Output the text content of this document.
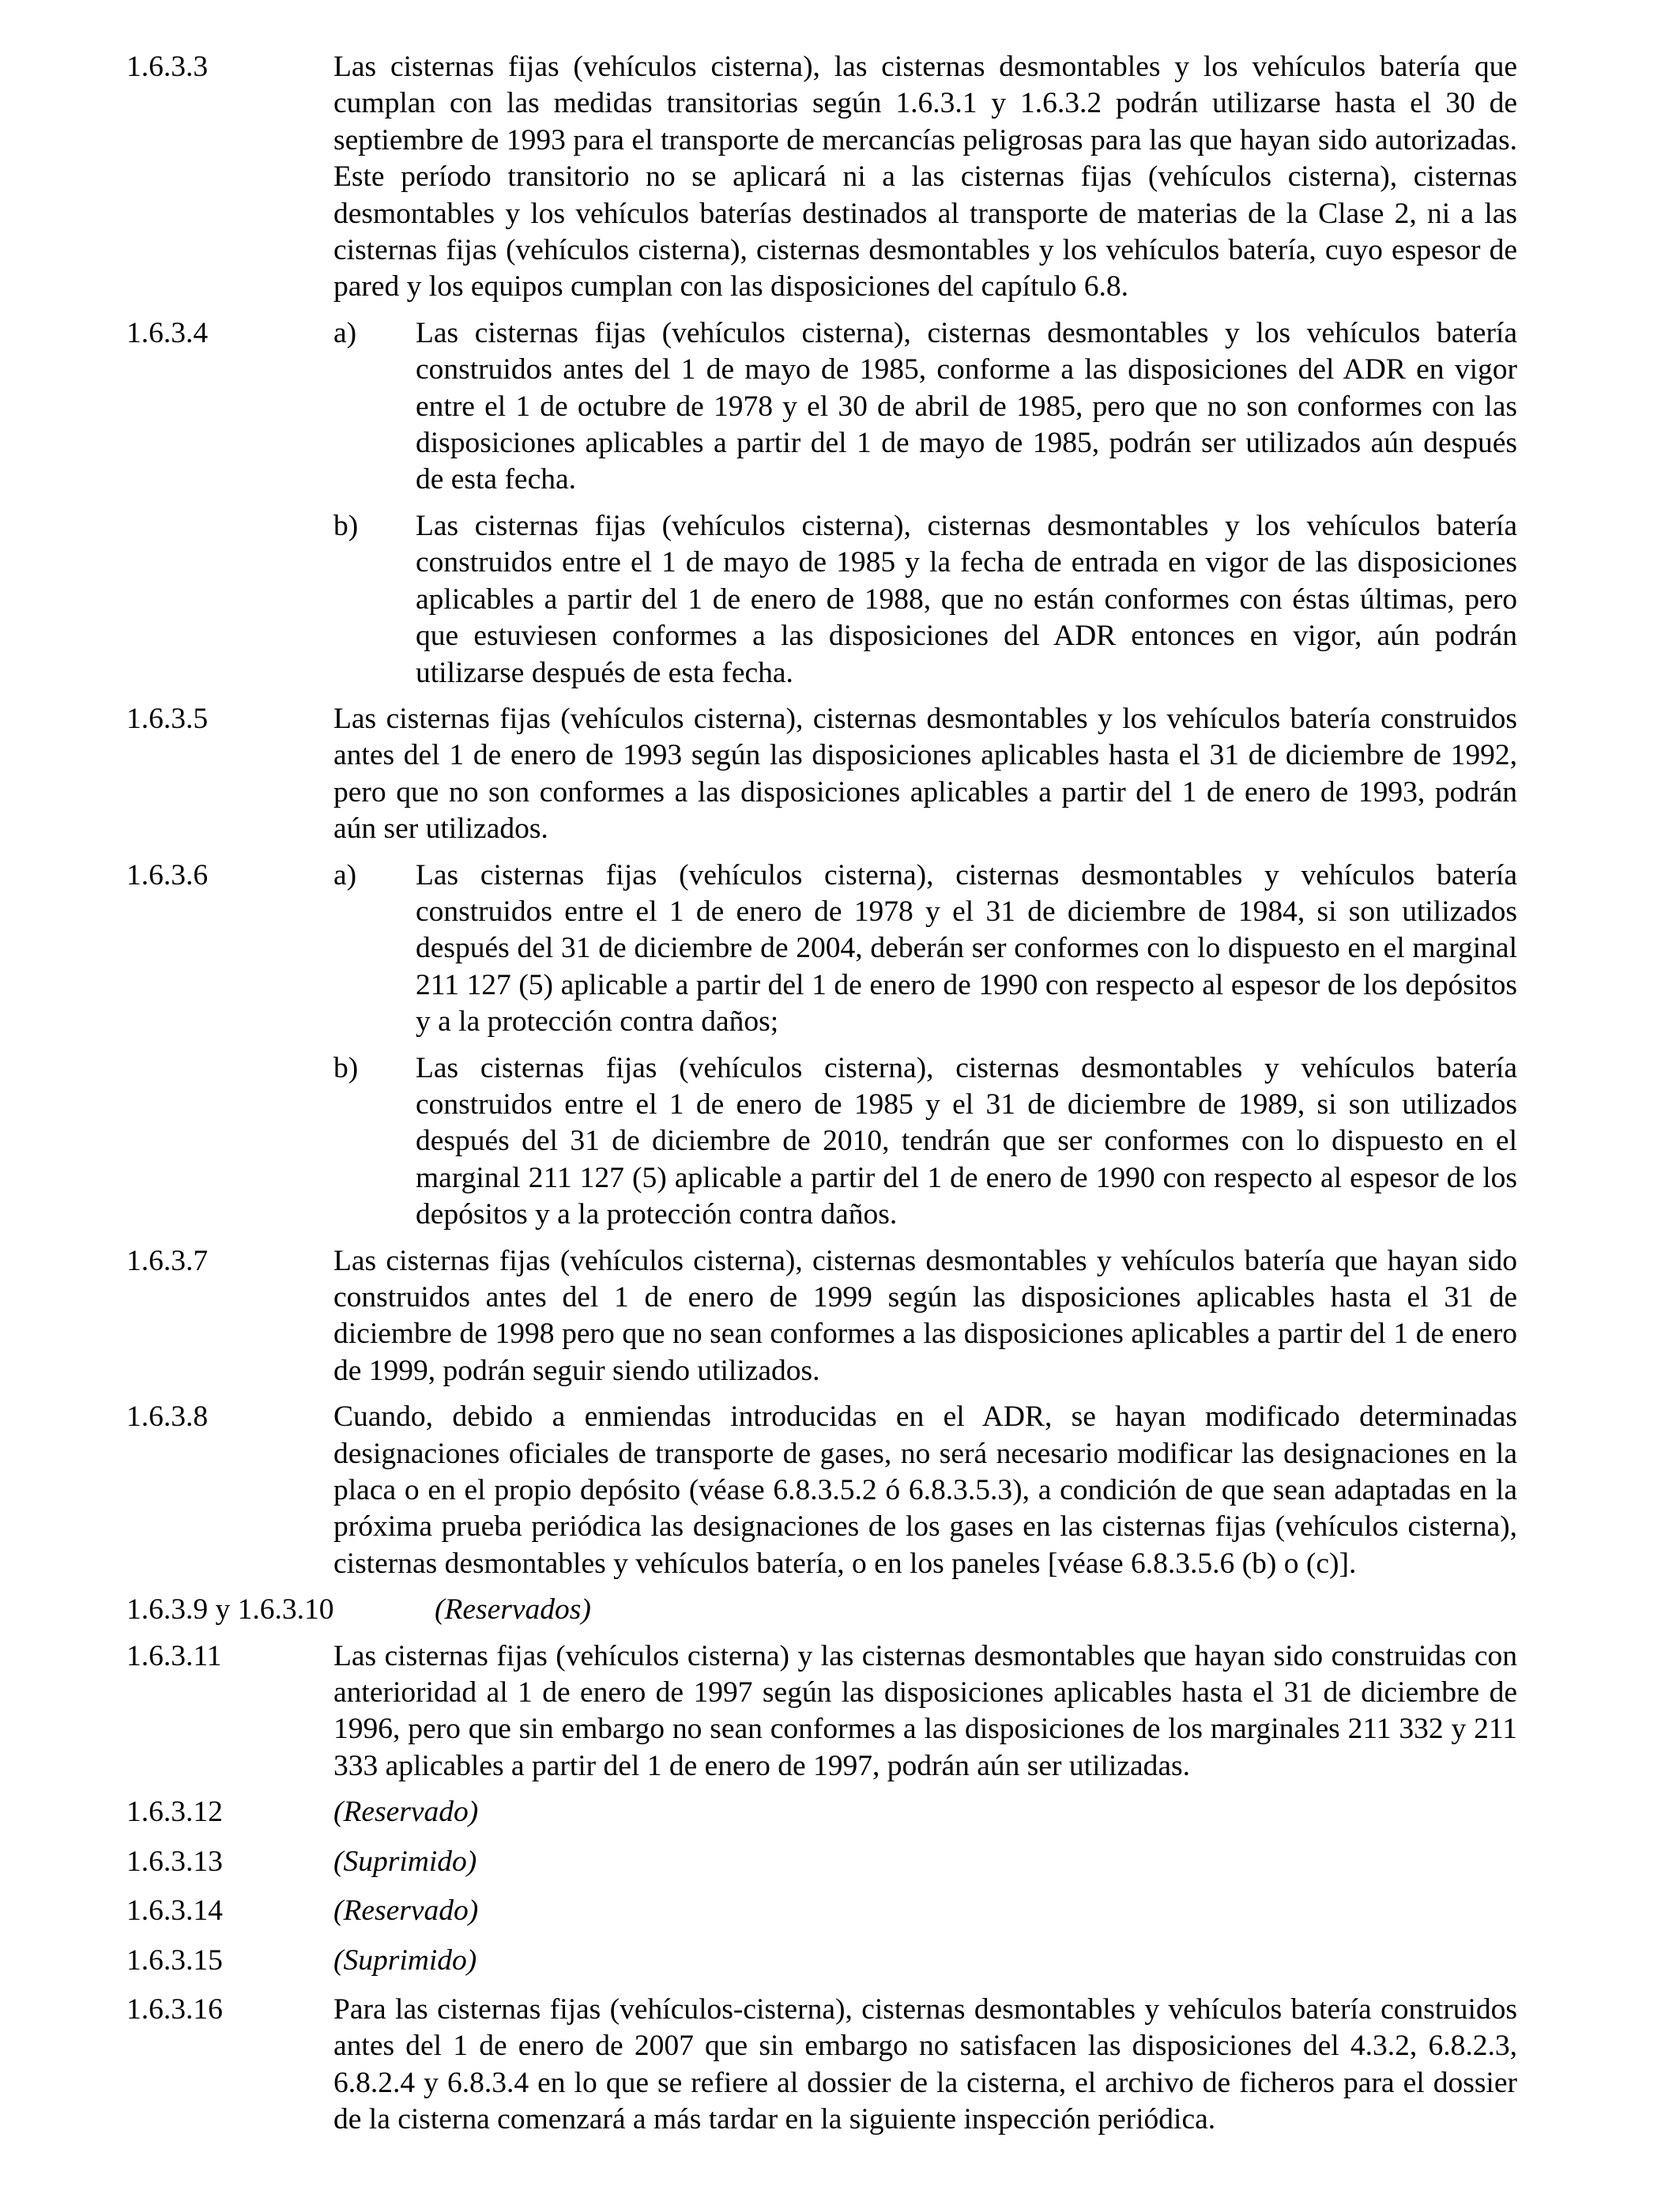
1.6.3.3	Las cisternas fijas (vehículos cisterna), las cisternas desmontables y los vehículos batería que cumplan con las medidas transitorias según 1.6.3.1 y 1.6.3.2 podrán utilizarse hasta el 30 de septiembre de 1993 para el transporte de mercancías peligrosas para las que hayan sido autorizadas. Este período transitorio no se aplicará ni a las cisternas fijas (vehículos cisterna), cisternas desmontables y los vehículos baterías destinados al transporte de materias de la Clase 2, ni a las cisternas fijas (vehículos cisterna), cisternas desmontables y los vehículos batería, cuyo espesor de pared y los equipos cumplan con las disposiciones del capítulo 6.8.
1.6.3.4	a) Las cisternas fijas (vehículos cisterna), cisternas desmontables y los vehículos batería construidos antes del 1 de mayo de 1985, conforme a las disposiciones del ADR en vigor entre el 1 de octubre de 1978 y el 30 de abril de 1985, pero que no son conformes con las disposiciones aplicables a partir del 1 de mayo de 1985, podrán ser utilizados aún después de esta fecha.
b) Las cisternas fijas (vehículos cisterna), cisternas desmontables y los vehículos batería construidos entre el 1 de mayo de 1985 y la fecha de entrada en vigor de las disposiciones aplicables a partir del 1 de enero de 1988, que no están conformes con éstas últimas, pero que estuviesen conformes a las disposiciones del ADR entonces en vigor, aún podrán utilizarse después de esta fecha.
1.6.3.5	Las cisternas fijas (vehículos cisterna), cisternas desmontables y los vehículos batería construidos antes del 1 de enero de 1993 según las disposiciones aplicables hasta el 31 de diciembre de 1992, pero que no son conformes a las disposiciones aplicables a partir del 1 de enero de 1993, podrán aún ser utilizados.
1.6.3.6	a) Las cisternas fijas (vehículos cisterna), cisternas desmontables y vehículos batería construidos entre el 1 de enero de 1978 y el 31 de diciembre de 1984, si son utilizados después del 31 de diciembre de 2004, deberán ser conformes con lo dispuesto en el marginal 211 127 (5) aplicable a partir del 1 de enero de 1990 con respecto al espesor de los depósitos y a la protección contra daños;
b) Las cisternas fijas (vehículos cisterna), cisternas desmontables y vehículos batería construidos entre el 1 de enero de 1985 y el 31 de diciembre de 1989, si son utilizados después del 31 de diciembre de 2010, tendrán que ser conformes con lo dispuesto en el marginal 211 127 (5) aplicable a partir del 1 de enero de 1990 con respecto al espesor de los depósitos y a la protección contra daños.
1.6.3.7	Las cisternas fijas (vehículos cisterna), cisternas desmontables y vehículos batería que hayan sido construidos antes del 1 de enero de 1999 según las disposiciones aplicables hasta el 31 de diciembre de 1998 pero que no sean conformes a las disposiciones aplicables a partir del 1 de enero de 1999, podrán seguir siendo utilizados.
1.6.3.8	Cuando, debido a enmiendas introducidas en el ADR, se hayan modificado determinadas designaciones oficiales de transporte de gases, no será necesario modificar las designaciones en la placa o en el propio depósito (véase 6.8.3.5.2 ó 6.8.3.5.3), a condición de que sean adaptadas en la próxima prueba periódica las designaciones de los gases en las cisternas fijas (vehículos cisterna), cisternas desmontables y vehículos batería, o en los paneles [véase 6.8.3.5.6 (b) o (c)].
1.6.3.9 y 1.6.3.10	(Reservados)
1.6.3.11	Las cisternas fijas (vehículos cisterna) y las cisternas desmontables que hayan sido construidas con anterioridad al 1 de enero de 1997 según las disposiciones aplicables hasta el 31 de diciembre de 1996, pero que sin embargo no sean conformes a las disposiciones de los marginales 211 332 y 211 333 aplicables a partir del 1 de enero de 1997, podrán aún ser utilizadas.
1.6.3.12	(Reservado)
1.6.3.13	(Suprimido)
1.6.3.14	(Reservado)
1.6.3.15	(Suprimido)
1.6.3.16	Para las cisternas fijas (vehículos-cisterna), cisternas desmontables y vehículos batería construidos antes del 1 de enero de 2007 que sin embargo no satisfacen las disposiciones del 4.3.2, 6.8.2.3, 6.8.2.4 y 6.8.3.4 en lo que se refiere al dossier de la cisterna, el archivo de ficheros para el dossier de la cisterna comenzará a más tardar en la siguiente inspección periódica.
